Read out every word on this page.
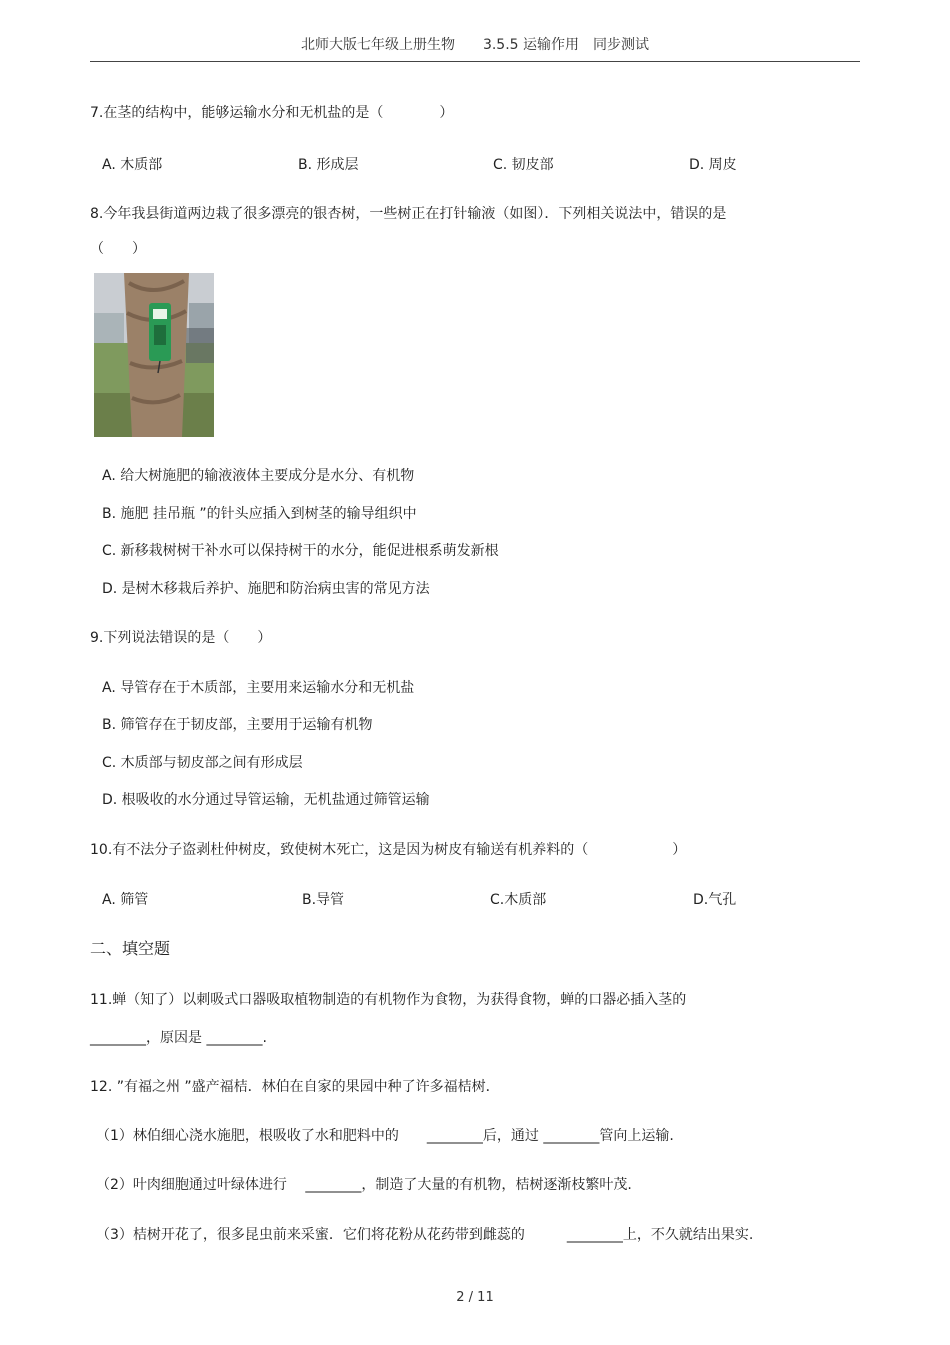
北师大版七年级上册生物　　3.5.5 运输作用　同步测试
7.在茎的结构中，能够运输水分和无机盐的是（　　　　）
A. 木质部	B. 形成层	C. 韧皮部	D. 周皮
8.今年我县街道两边栽了很多漂亮的银杏树，一些树正在打针输液（如图）．下列相关说法中，错误的是
（　　）
A. 给大树施肥的输液液体主要成分是水分、有机物
B. 施肥 挂吊瓶 ”的针头应插入到树茎的输导组织中
C. 新移栽树树干补水可以保持树干的水分，能促进根系萌发新根
D. 是树木移栽后养护、施肥和防治病虫害的常见方法
9.下列说法错误的是（　　）
A. 导管存在于木质部，主要用来运输水分和无机盐
B. 筛管存在于韧皮部，主要用于运输有机物
C. 木质部与韧皮部之间有形成层
D. 根吸收的水分通过导管运输，无机盐通过筛管运输
10.有不法分子盗剥杜仲树皮，致使树木死亡，这是因为树皮有输送有机养料的（　　　　　　）
A. 筛管	B.导管	C.木质部	D.气孔
二、填空题
11.蝉（知了）以刺吸式口器吸取植物制造的有机物作为食物，为获得食物，蝉的口器必插入茎的
________，原因是 ________.
12. ”有福之州 ”盛产福桔．林伯在自家的果园中种了许多福桔树．
（1）林伯细心浇水施肥，根吸收了水和肥料中的　　________后，通过 ________管向上运输.
（2）叶肉细胞通过叶绿体进行　 ________，制造了大量的有机物，桔树逐渐枝繁叶茂.
（3）桔树开花了，很多昆虫前来采蜜．它们将花粉从花药带到雌蕊的　　　________上，不久就结出果实.
2 / 11
